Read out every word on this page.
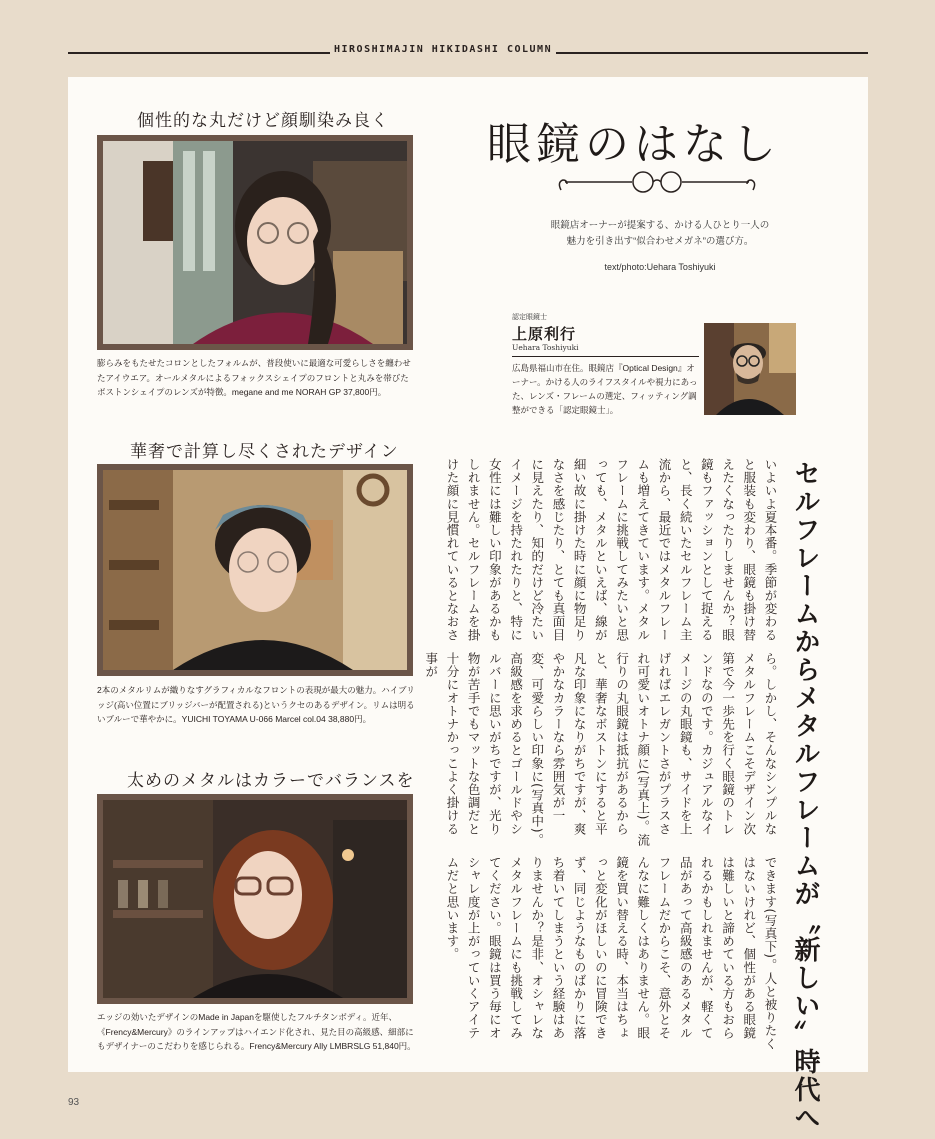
HIROSHIMAJIN HIKIDASHI COLUMN
個性的な丸だけど顔馴染み良く
膨らみをもたせたコロンとしたフォルムが、普段使いに最適な可愛らしさを纏わせたアイウエア。オールメタルによるフォックスシェイプのフロントと丸みを帯びたボストンシェイプのレンズが特徴。megane and me NORAH GP 37,800円。
華奢で計算し尽くされたデザイン
2本のメタルリムが織りなすグラフィカルなフロントの表現が最大の魅力。ハイブリッジ(高い位置にブリッジバーが配置される)というクセのあるデザイン。リムは明るいブルーで華やかに。YUICHI TOYAMA U-066 Marcel col.04 38,880円。
太めのメタルはカラーでバランスを
エッジの効いたデザインのMade in Japanを駆使したフルチタンボディ。近年、《Frency&Mercury》のラインアップはハイエンド化され、見た目の高級感、細部にもデザイナーのこだわりを感じられる。Frency&Mercury Ally LMBRSLG 51,840円。
眼鏡のはなし
眼鏡店オーナーが提案する、かける人ひとり一人の
魅力を引き出す“似合わせメガネ”の選び方。
text/photo:Uehara Toshiyuki
認定眼鏡士
上原利行
Uehara Toshiyuki
広島県福山市在住。眼鏡店『Optical Design』オーナー。かける人のライフスタイルや視力にあった、レンズ・フレームの選定、フィッティング調整ができる「認定眼鏡士」。
セルフレームからメタルフレームが〝新しい〟時代へ

いよいよ夏本番。季節が変わると服装も変わり、眼鏡も掛け替えたくなったりしませんか？眼鏡もファッションとして捉えると、長く続いたセルフレーム主流から、最近ではメタルフレームも増えてきています。メタルフレームに挑戦してみたいと思っても、メタルといえば、線が細い故に掛けた時に顔に物足りなさを感じたり、とても真面目に見えたり、知的だけど冷たいイメージを持たれたりと、特に女性には難しい印象があるかもしれません。セルフレームを掛けた顔に見慣れているとなおさ

ら。しかし、そんなシンプルなメタルフレームこそデザイン次第で今一歩先を行く眼鏡のトレンドなのです。カジュアルなイメージの丸眼鏡も、サイドを上げればエレガントさがプラスされ可愛いオトナ顔に(写真上)。流行りの丸眼鏡は抵抗があるからと、華奢なボストンにすると平凡な印象になりがちですが、爽やかなカラーなら雰囲気が一変、可愛らしい印象に(写真中)。高級感を求めるとゴールドやシルバーに思いがちですが、光り物が苦手でもマットな色調だと十分にオトナかっこよく掛ける事が

93

できます(写真下)。人と被りたくはないけれど、個性がある眼鏡は難しいと諦めている方もおられるかもしれませんが、軽くて品があって高級感のあるメタルフレームだからこそ、意外とそんなに難しくはありません。眼鏡を買い替える時、本当はちょっと変化がほしいのに冒険できず、同じようなものばかりに落ち着いてしまうという経験はありませんか？是非、オシャレなメタルフレームにも挑戦してみてください。眼鏡は買う毎にオシャレ度が上がっていくアイテムだと思います。
